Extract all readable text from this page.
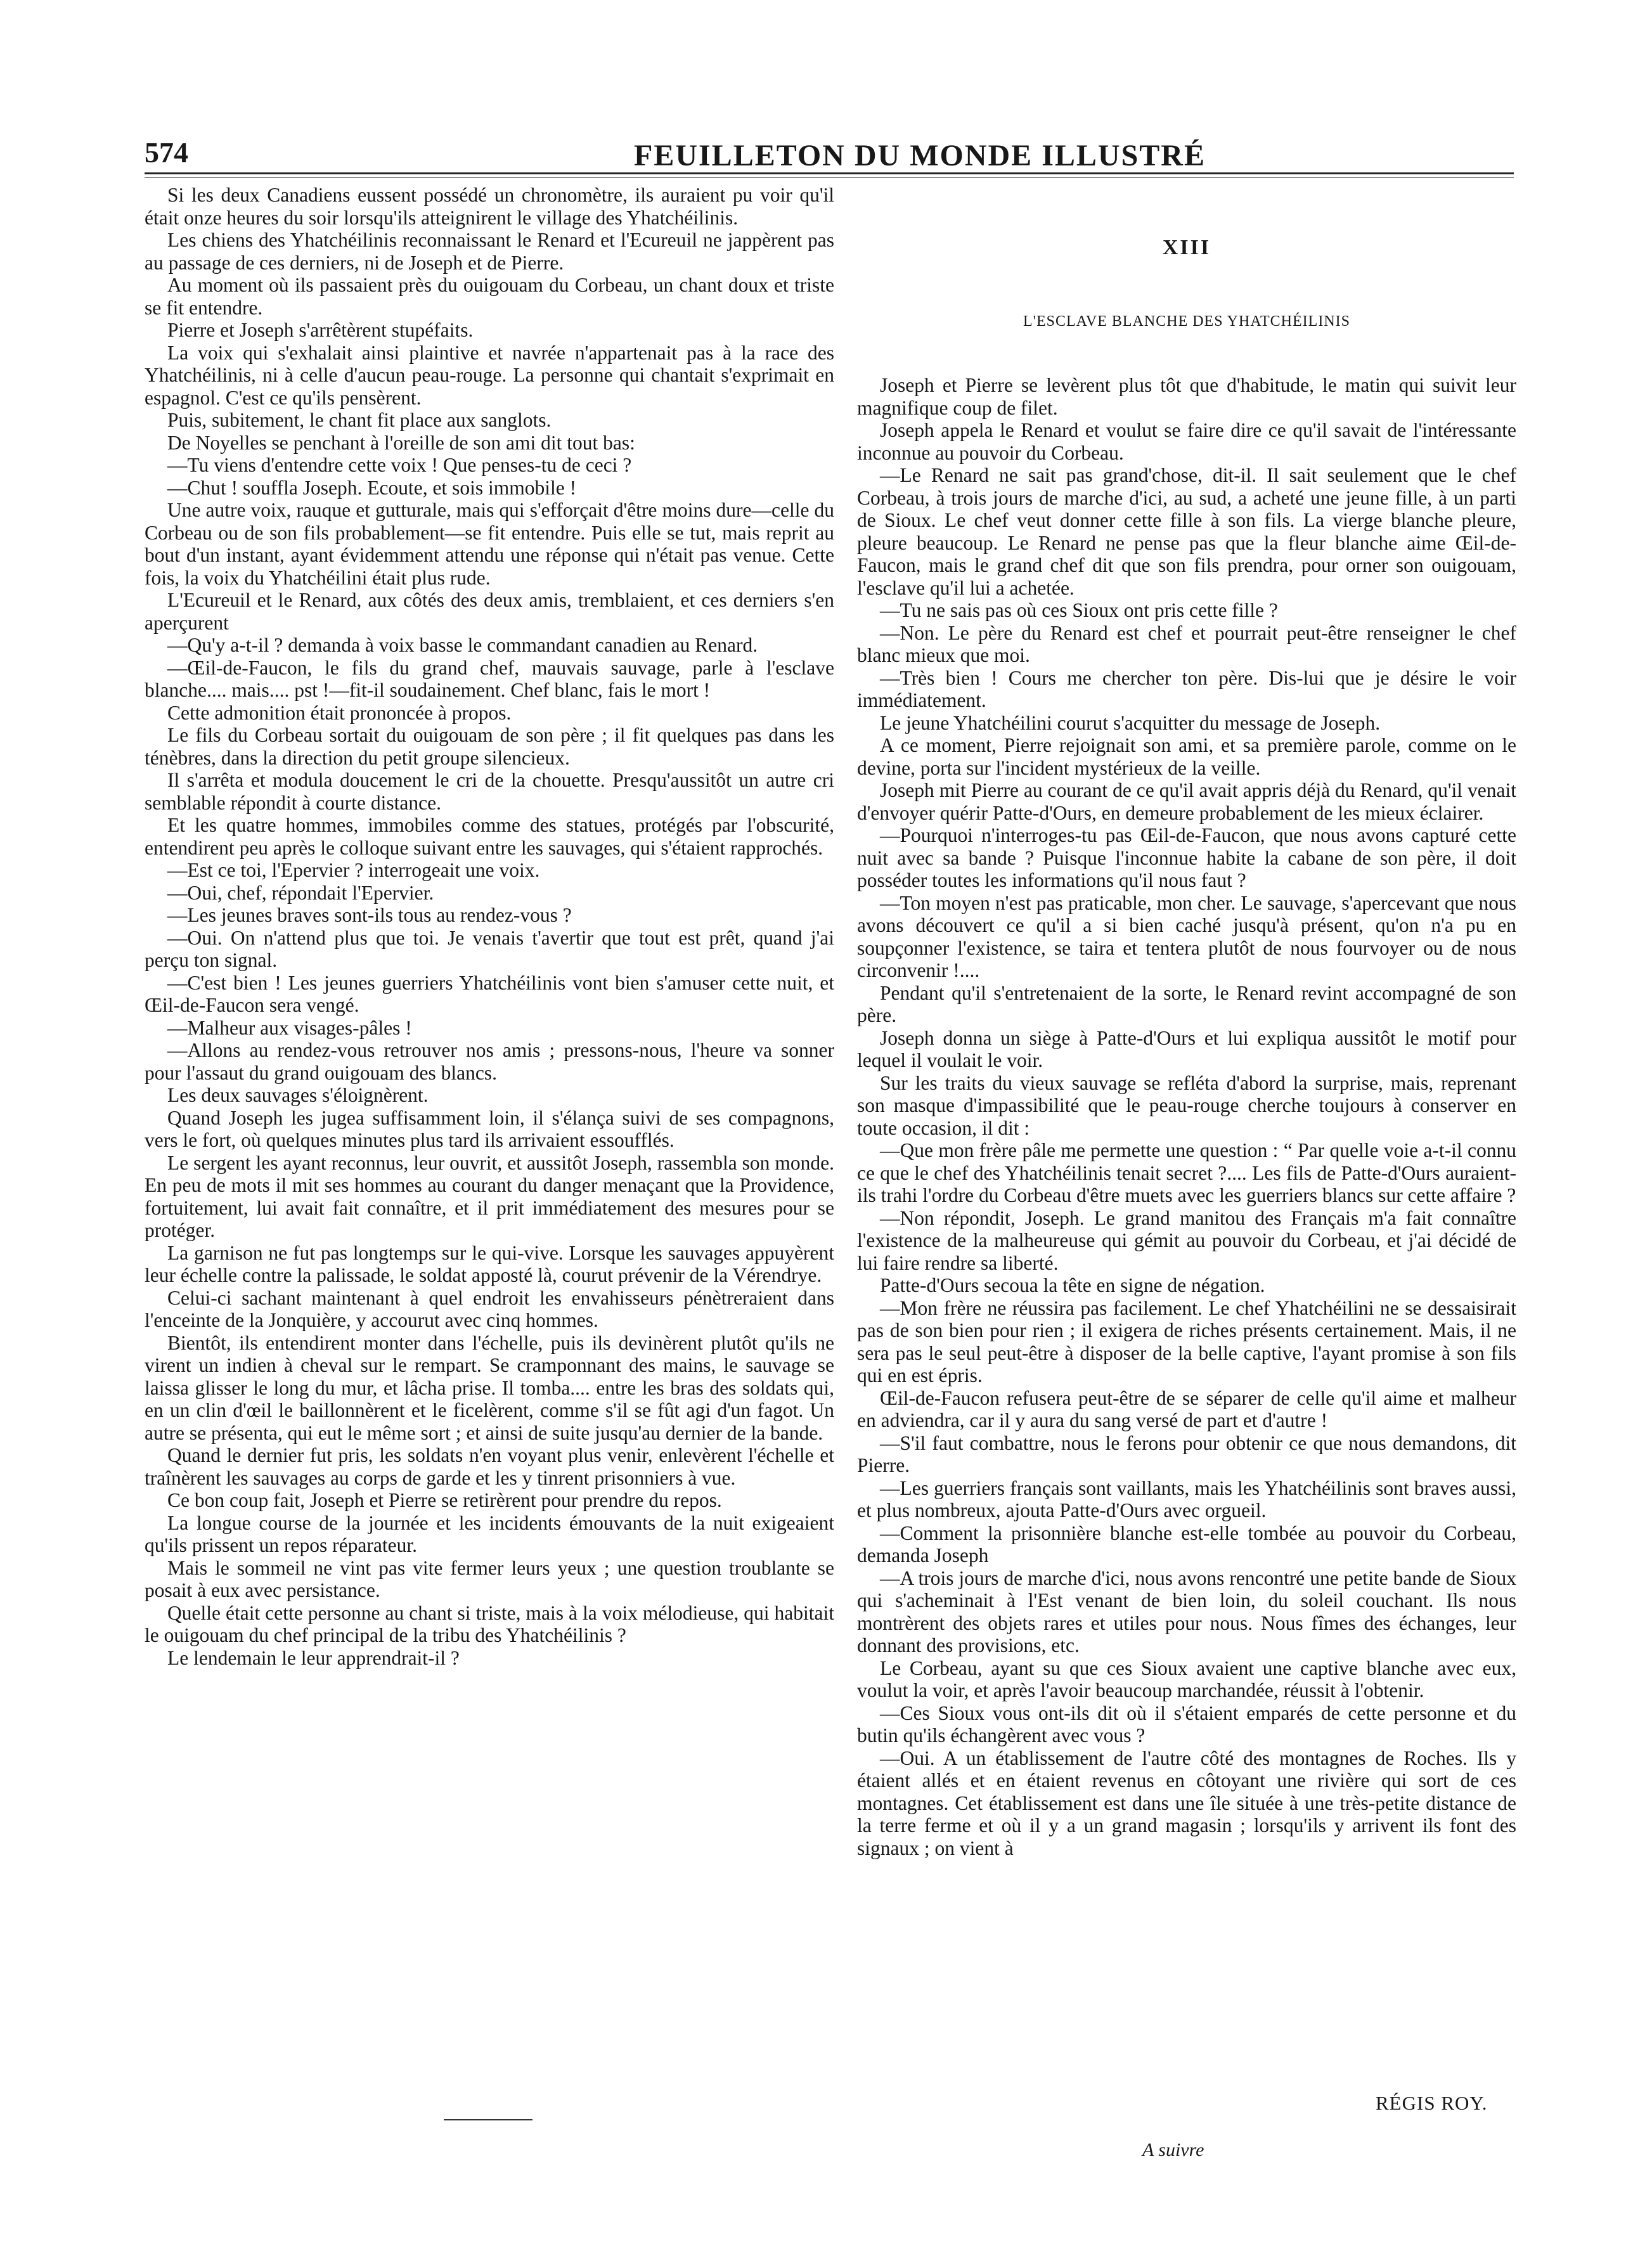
574	FEUILLETON DU MONDE ILLUSTRÉ

Si les deux Canadiens eussent possédé un chronomètre, ils auraient pu voir qu'il était onze heures du soir lorsqu'ils atteignirent le village des Yhatchéilinis.

Les chiens des Yhatchéilinis reconnaissant le Renard et l'Ecureuil ne jappèrent pas au passage de ces derniers, ni de Joseph et de Pierre.

Au moment où ils passaient près du ouigouam du Corbeau, un chant doux et triste se fit entendre.

Pierre et Joseph s'arrêtèrent stupéfaits.

La voix qui s'exhalait ainsi plaintive et navrée n'appartenait pas à la race des Yhatchéilinis, ni à celle d'aucun peau-rouge. La personne qui chantait s'exprimait en espagnol. C'est ce qu'ils pensèrent.

Puis, subitement, le chant fit place aux sanglots.

De Noyelles se penchant à l'oreille de son ami dit tout bas:

—Tu viens d'entendre cette voix ! Que penses-tu de ceci ?

—Chut ! souffla Joseph. Ecoute, et sois immobile !

Une autre voix, rauque et gutturale, mais qui s'efforçait d'être moins dure—celle du Corbeau ou de son fils probablement—se fit entendre. Puis elle se tut, mais reprit au bout d'un instant, ayant évidemment attendu une réponse qui n'était pas venue. Cette fois, la voix du Yhatchéilini était plus rude.

L'Ecureuil et le Renard, aux côtés des deux amis, tremblaient, et ces derniers s'en aperçurent

—Qu'y a-t-il ? demanda à voix basse le commandant canadien au Renard.

—Œil-de-Faucon, le fils du grand chef, mauvais sauvage, parle à l'esclave blanche.... mais.... pst !—fit-il soudainement. Chef blanc, fais le mort !

Cette admonition était prononcée à propos.

Le fils du Corbeau sortait du ouigouam de son père ; il fit quelques pas dans les ténèbres, dans la direction du petit groupe silencieux.

Il s'arrêta et modula doucement le cri de la chouette. Presqu'aussitôt un autre cri semblable répondit à courte distance.

Et les quatre hommes, immobiles comme des statues, protégés par l'obscurité, entendirent peu après le colloque suivant entre les sauvages, qui s'étaient rapprochés.

—Est ce toi, l'Epervier ? interrogeait une voix.

—Oui, chef, répondait l'Epervier.

—Les jeunes braves sont-ils tous au rendez-vous ?

—Oui. On n'attend plus que toi. Je venais t'avertir que tout est prêt, quand j'ai perçu ton signal.

—C'est bien ! Les jeunes guerriers Yhatchéilinis vont bien s'amuser cette nuit, et Œil-de-Faucon sera vengé.

—Malheur aux visages-pâles !

—Allons au rendez-vous retrouver nos amis ; pressons-nous, l'heure va sonner pour l'assaut du grand ouigouam des blancs.

Les deux sauvages s'éloignèrent.

Quand Joseph les jugea suffisamment loin, il s'élança suivi de ses compagnons, vers le fort, où quelques minutes plus tard ils arrivaient essoufflés.

Le sergent les ayant reconnus, leur ouvrit, et aussitôt Joseph, rassembla son monde. En peu de mots il mit ses hommes au courant du danger menaçant que la Providence, fortuitement, lui avait fait connaître, et il prit immédiatement des mesures pour se protéger.

La garnison ne fut pas longtemps sur le qui-vive. Lorsque les sauvages appuyèrent leur échelle contre la palissade, le soldat apposté là, courut prévenir de la Vérendrye.

Celui-ci sachant maintenant à quel endroit les envahisseurs pénètreraient dans l'enceinte de la Jonquière, y accourut avec cinq hommes.

Bientôt, ils entendirent monter dans l'échelle, puis ils devinèrent plutôt qu'ils ne virent un indien à cheval sur le rempart. Se cramponnant des mains, le sauvage se laissa glisser le long du mur, et lâcha prise. Il tomba.... entre les bras des soldats qui, en un clin d'œil le baillonnèrent et le ficelèrent, comme s'il se fût agi d'un fagot. Un autre se présenta, qui eut le même sort ; et ainsi de suite jusqu'au dernier de la bande.

Quand le dernier fut pris, les soldats n'en voyant plus venir, enlevèrent l'échelle et traînèrent les sauvages au corps de garde et les y tinrent prisonniers à vue.

Ce bon coup fait, Joseph et Pierre se retirèrent pour prendre du repos.

La longue course de la journée et les incidents émouvants de la nuit exigeaient qu'ils prissent un repos réparateur.

Mais le sommeil ne vint pas vite fermer leurs yeux ; une question troublante se posait à eux avec persistance.

Quelle était cette personne au chant si triste, mais à la voix mélodieuse, qui habitait le ouigouam du chef principal de la tribu des Yhatchéilinis ?

Le lendemain le leur apprendrait-il ?

XIII
L'ESCLAVE BLANCHE DES YHATCHÉILINIS

Joseph et Pierre se levèrent plus tôt que d'habitude, le matin qui suivit leur magnifique coup de filet.

Joseph appela le Renard et voulut se faire dire ce qu'il savait de l'intéressante inconnue au pouvoir du Corbeau.

—Le Renard ne sait pas grand'chose, dit-il. Il sait seulement que le chef Corbeau, à trois jours de marche d'ici, au sud, a acheté une jeune fille, à un parti de Sioux. Le chef veut donner cette fille à son fils. La vierge blanche pleure, pleure beaucoup. Le Renard ne pense pas que la fleur blanche aime Œil-de-Faucon, mais le grand chef dit que son fils prendra, pour orner son ouigouam, l'esclave qu'il lui a achetée.

—Tu ne sais pas où ces Sioux ont pris cette fille ?

—Non. Le père du Renard est chef et pourrait peut-être renseigner le chef blanc mieux que moi.

—Très bien ! Cours me chercher ton père. Dis-lui que je désire le voir immédiatement.

Le jeune Yhatchéilini courut s'acquitter du message de Joseph.

A ce moment, Pierre rejoignait son ami, et sa première parole, comme on le devine, porta sur l'incident mystérieux de la veille.

Joseph mit Pierre au courant de ce qu'il avait appris déjà du Renard, qu'il venait d'envoyer quérir Patte-d'Ours, en demeure probablement de les mieux éclairer.

—Pourquoi n'interroges-tu pas Œil-de-Faucon, que nous avons capturé cette nuit avec sa bande ? Puisque l'inconnue habite la cabane de son père, il doit posséder toutes les informations qu'il nous faut ?

—Ton moyen n'est pas praticable, mon cher. Le sauvage, s'apercevant que nous avons découvert ce qu'il a si bien caché jusqu'à présent, qu'on n'a pu en soupçonner l'existence, se taira et tentera plutôt de nous fourvoyer ou de nous circonvenir !....

Pendant qu'il s'entretenaient de la sorte, le Renard revint accompagné de son père.

Joseph donna un siège à Patte-d'Ours et lui expliqua aussitôt le motif pour lequel il voulait le voir.

Sur les traits du vieux sauvage se refléta d'abord la surprise, mais, reprenant son masque d'impassibilité que le peau-rouge cherche toujours à conserver en toute occasion, il dit :

—Que mon frère pâle me permette une question : “ Par quelle voie a-t-il connu ce que le chef des Yhatchéilinis tenait secret ?.... Les fils de Patte-d'Ours auraient-ils trahi l'ordre du Corbeau d'être muets avec les guerriers blancs sur cette affaire ?

—Non répondit, Joseph. Le grand manitou des Français m'a fait connaître l'existence de la malheureuse qui gémit au pouvoir du Corbeau, et j'ai décidé de lui faire rendre sa liberté.

Patte-d'Ours secoua la tête en signe de négation.

—Mon frère ne réussira pas facilement. Le chef Yhatchéilini ne se dessaisirait pas de son bien pour rien ; il exigera de riches présents certainement. Mais, il ne sera pas le seul peut-être à disposer de la belle captive, l'ayant promise à son fils qui en est épris.

Œil-de-Faucon refusera peut-être de se séparer de celle qu'il aime et malheur en adviendra, car il y aura du sang versé de part et d'autre !

—S'il faut combattre, nous le ferons pour obtenir ce que nous demandons, dit Pierre.

—Les guerriers français sont vaillants, mais les Yhatchéilinis sont braves aussi, et plus nombreux, ajouta Patte-d'Ours avec orgueil.

—Comment la prisonnière blanche est-elle tombée au pouvoir du Corbeau, demanda Joseph

—A trois jours de marche d'ici, nous avons rencontré une petite bande de Sioux qui s'acheminait à l'Est venant de bien loin, du soleil couchant. Ils nous montrèrent des objets rares et utiles pour nous. Nous fîmes des échanges, leur donnant des provisions, etc.

Le Corbeau, ayant su que ces Sioux avaient une captive blanche avec eux, voulut la voir, et après l'avoir beaucoup marchandée, réussit à l'obtenir.

—Ces Sioux vous ont-ils dit où il s'étaient emparés de cette personne et du butin qu'ils échangèrent avec vous ?

—Oui. A un établissement de l'autre côté des montagnes de Roches. Ils y étaient allés et en étaient revenus en côtoyant une rivière qui sort de ces montagnes. Cet établissement est dans une île située à une très-petite distance de la terre ferme et où il y a un grand magasin ; lorsqu'ils y arrivent ils font des signaux ; on vient à

RÉGIS ROY.
A suivre
